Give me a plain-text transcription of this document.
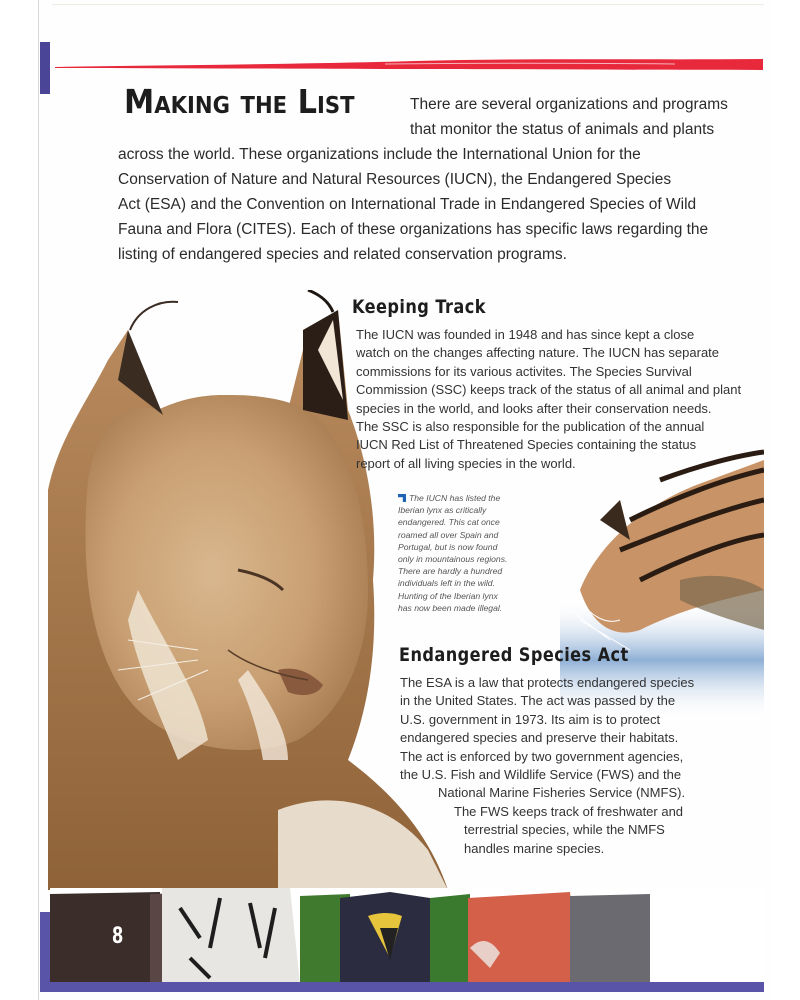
Making the List	There are several organizations and programs
that monitor the status of animals and plants
across the world. These organizations include the International Union for the
Conservation of Nature and Natural Resources (IUCN), the Endangered Species
Act (ESA) and the Convention on International Trade in Endangered Species of Wild
Fauna and Flora (CITES). Each of these organizations has specific laws regarding the
listing of endangered species and related conservation programs.
Keeping Track
The IUCN was founded in 1948 and has since kept a close
watch on the changes affecting nature. The IUCN has separate
commissions for its various activites. The Species Survival
Commission (SSC) keeps track of the status of all animal and plant
species in the world, and looks after their conservation needs.
The SSC is also responsible for the publication of the annual
IUCN Red List of Threatened Species containing the status
report of all living species in the world.
The IUCN has listed the
Iberian lynx as critically
endangered. This cat once
roamed all over Spain and
Portugal, but is now found
only in mountainous regions.
There are hardly a hundred
individuals left in the wild.
Hunting of the Iberian lynx
has now been made illegal.
Endangered Species Act
The ESA is a law that protects endangered species
in the United States. The act was passed by the
U.S. government in 1973. Its aim is to protect
endangered species and preserve their habitats.
The act is enforced by two government agencies,
the U.S. Fish and Wildlife Service (FWS) and the
National Marine Fisheries Service (NMFS).
The FWS keeps track of freshwater and
terrestrial species, while the NMFS
handles marine species.
8
